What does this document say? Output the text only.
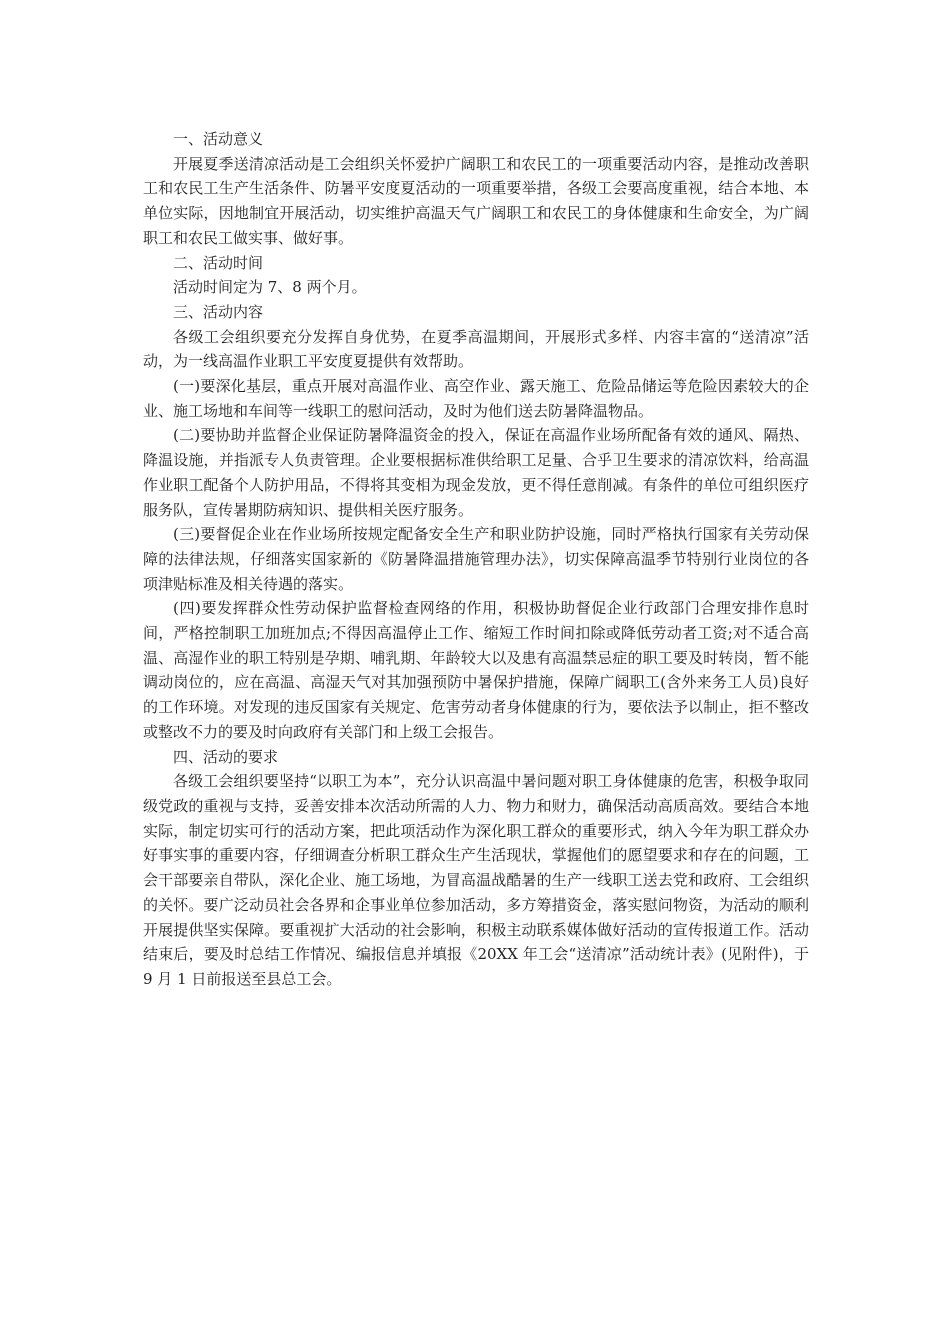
一、活动意义

开展夏季送清凉活动是工会组织关怀爱护广阔职工和农民工的一项重要活动内容，是推动改善职工和农民工生产生活条件、防暑平安度夏活动的一项重要举措，各级工会要高度重视，结合本地、本单位实际，因地制宜开展活动，切实维护高温天气广阔职工和农民工的身体健康和生命安全，为广阔职工和农民工做实事、做好事。

二、活动时间

活动时间定为 7、8 两个月。

三、活动内容

各级工会组织要充分发挥自身优势，在夏季高温期间，开展形式多样、内容丰富的“送清凉”活动，为一线高温作业职工平安度夏提供有效帮助。

(一)要深化基层，重点开展对高温作业、高空作业、露天施工、危险品储运等危险因素较大的企业、施工场地和车间等一线职工的慰问活动，及时为他们送去防暑降温物品。

(二)要协助并监督企业保证防暑降温资金的投入，保证在高温作业场所配备有效的通风、隔热、降温设施，并指派专人负责管理。企业要根据标准供给职工足量、合乎卫生要求的清凉饮料，给高温作业职工配备个人防护用品，不得将其变相为现金发放，更不得任意削减。有条件的单位可组织医疗服务队，宣传暑期防病知识、提供相关医疗服务。

(三)要督促企业在作业场所按规定配备安全生产和职业防护设施，同时严格执行国家有关劳动保障的法律法规，仔细落实国家新的《防暑降温措施管理办法》，切实保障高温季节特别行业岗位的各项津贴标准及相关待遇的落实。

(四)要发挥群众性劳动保护监督检查网络的作用，积极协助督促企业行政部门合理安排作息时间，严格控制职工加班加点;不得因高温停止工作、缩短工作时间扣除或降低劳动者工资;对不适合高温、高湿作业的职工特别是孕期、哺乳期、年龄较大以及患有高温禁忌症的职工要及时转岗，暂不能调动岗位的，应在高温、高湿天气对其加强预防中暑保护措施，保障广阔职工(含外来务工人员)良好的工作环境。对发现的违反国家有关规定、危害劳动者身体健康的行为，要依法予以制止，拒不整改或整改不力的要及时向政府有关部门和上级工会报告。

四、活动的要求

各级工会组织要坚持“以职工为本”，充分认识高温中暑问题对职工身体健康的危害，积极争取同级党政的重视与支持，妥善安排本次活动所需的人力、物力和财力，确保活动高质高效。要结合本地实际，制定切实可行的活动方案，把此项活动作为深化职工群众的重要形式，纳入今年为职工群众办好事实事的重要内容，仔细调查分析职工群众生产生活现状，掌握他们的愿望要求和存在的问题，工会干部要亲自带队，深化企业、施工场地，为冒高温战酷暑的生产一线职工送去党和政府、工会组织的关怀。要广泛动员社会各界和企事业单位参加活动，多方筹措资金，落实慰问物资，为活动的顺利开展提供坚实保障。要重视扩大活动的社会影响，积极主动联系媒体做好活动的宣传报道工作。活动结束后，要及时总结工作情况、编报信息并填报《20XX 年工会“送清凉”活动统计表》(见附件)，于 9 月 1 日前报送至县总工会。
